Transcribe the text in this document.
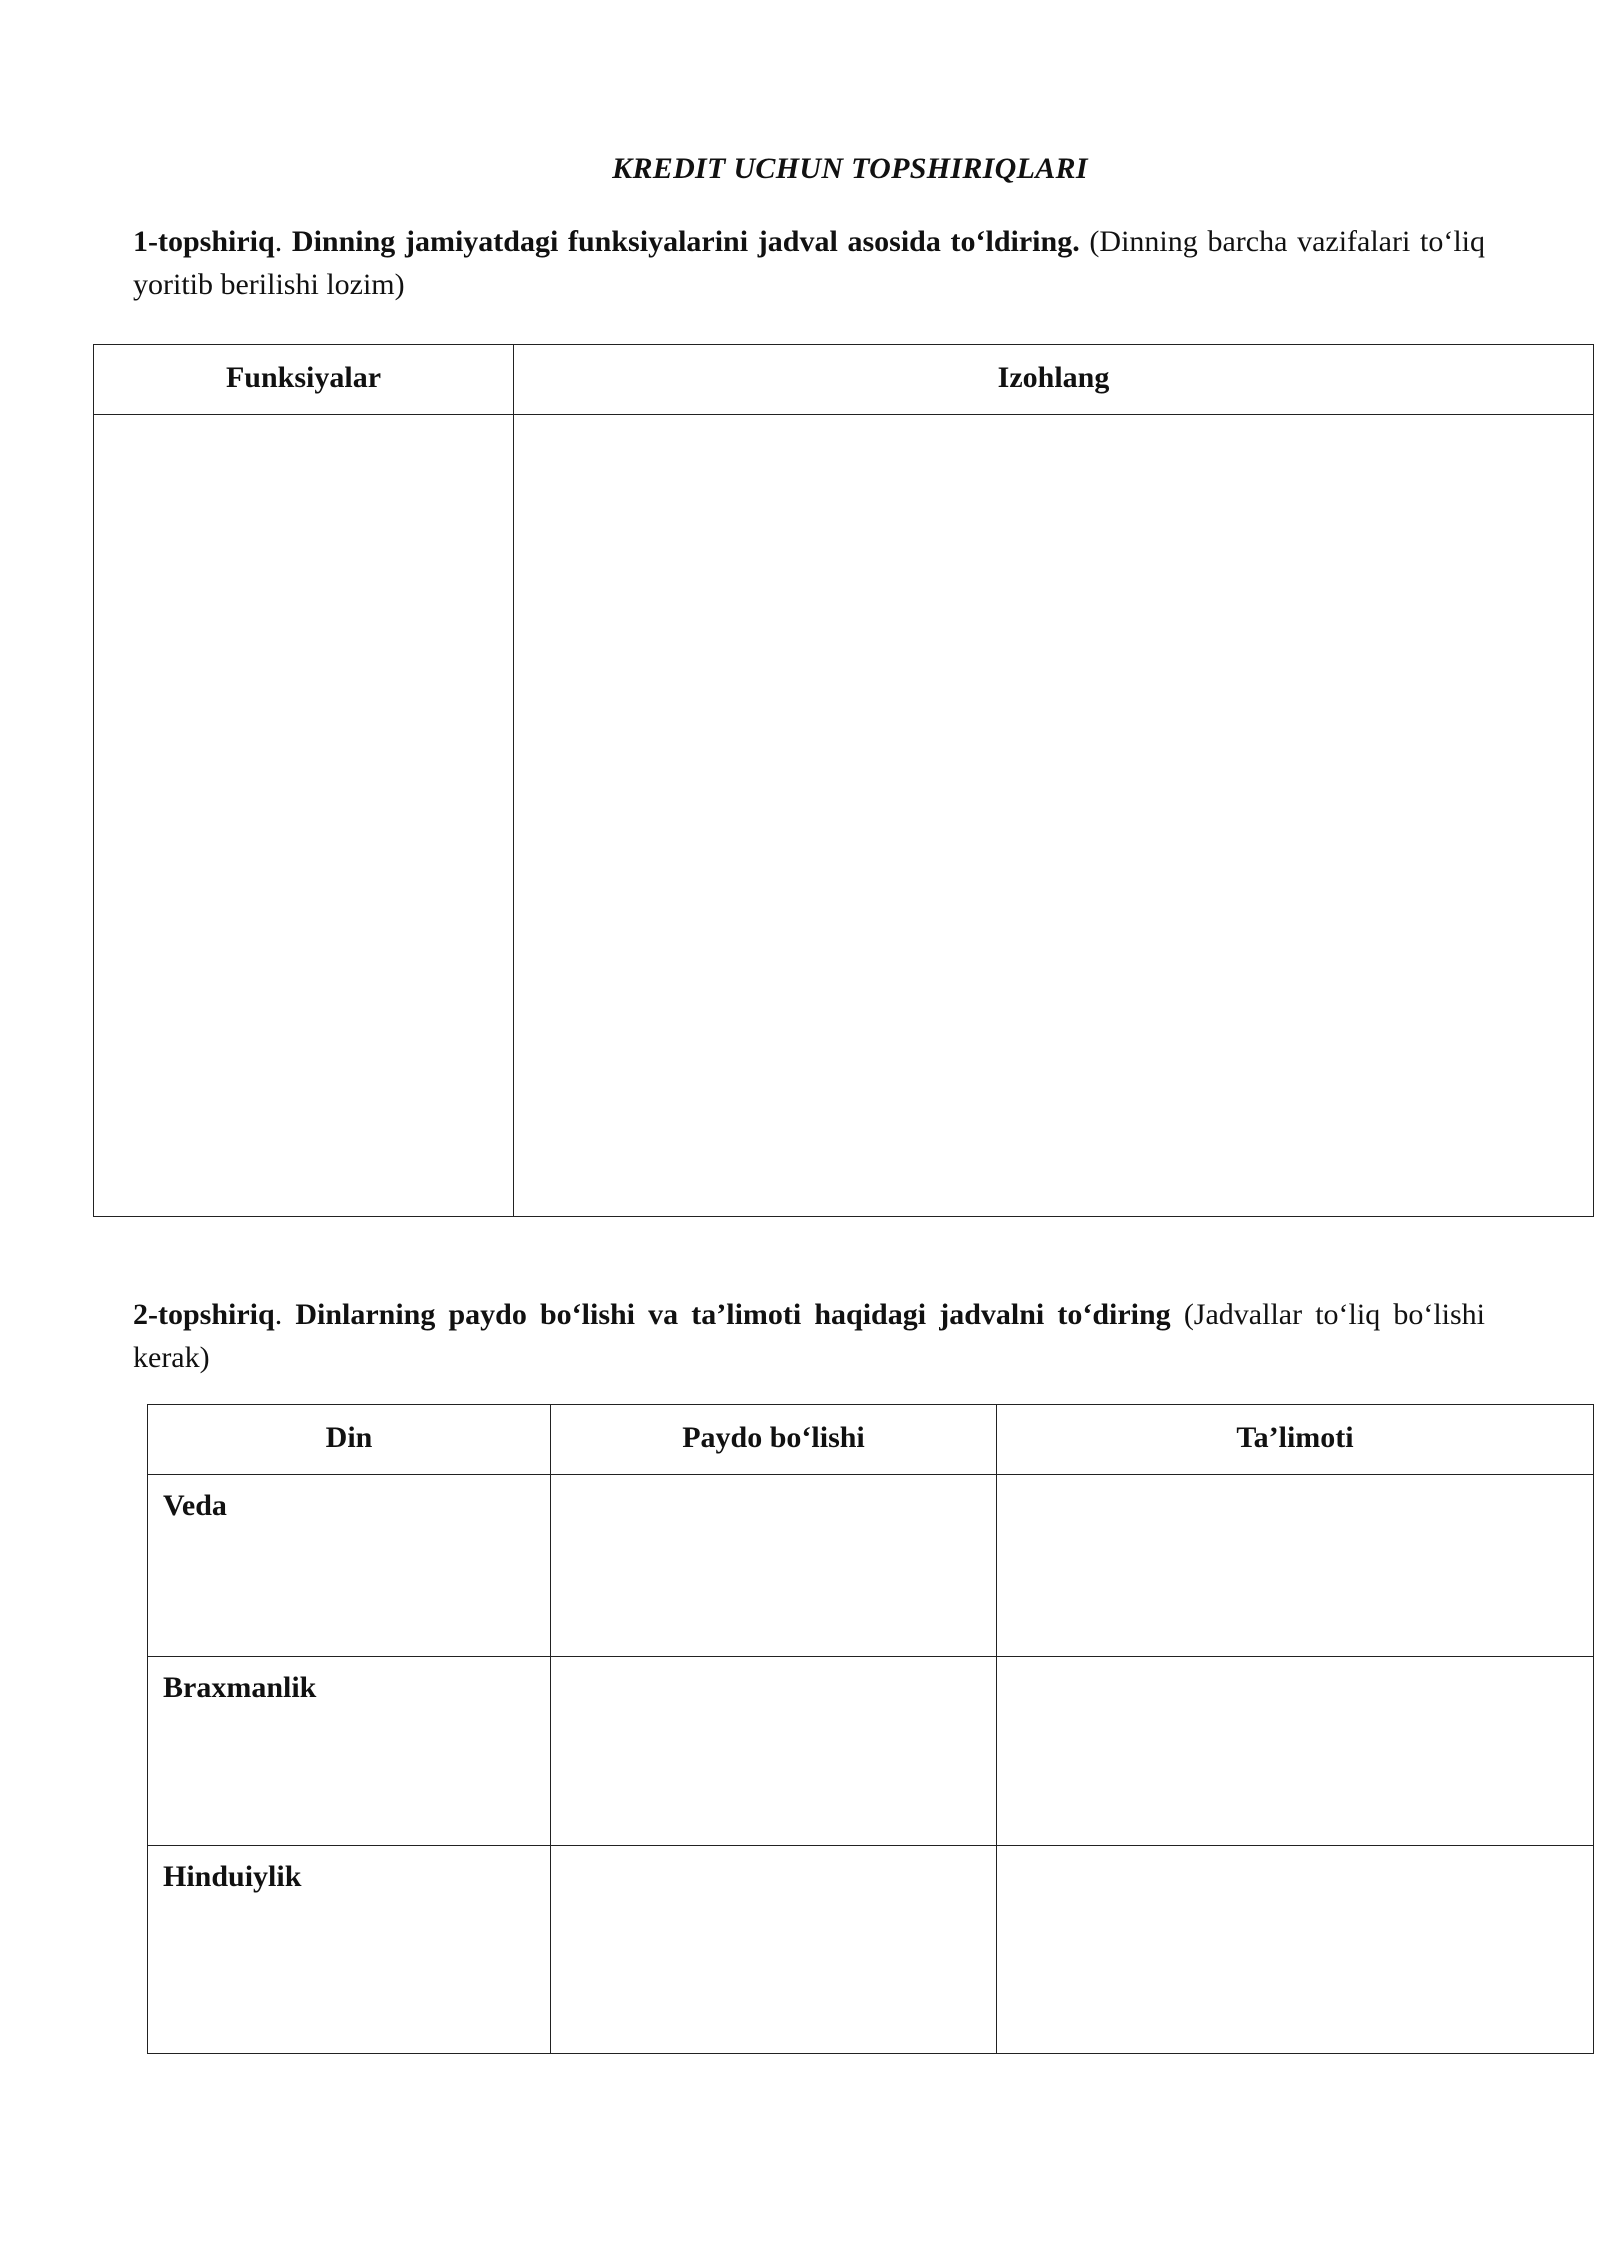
KREDIT UCHUN TOPSHIRIQLARI
1-topshiriq. Dinning jamiyatdagi funksiyalarini jadval asosida to‘ldiring. (Dinning barcha vazifalari to‘liq yoritib berilishi lozim)
Funksiyalar	Izohlang

2-topshiriq. Dinlarning paydo bo‘lishi va ta’limoti haqidagi jadvalni to‘diring (Jadvallar to‘liq bo‘lishi kerak)
Din	Paydo bo‘lishi	Ta’limoti
Veda		
Braxmanlik		
Hinduiylik		
